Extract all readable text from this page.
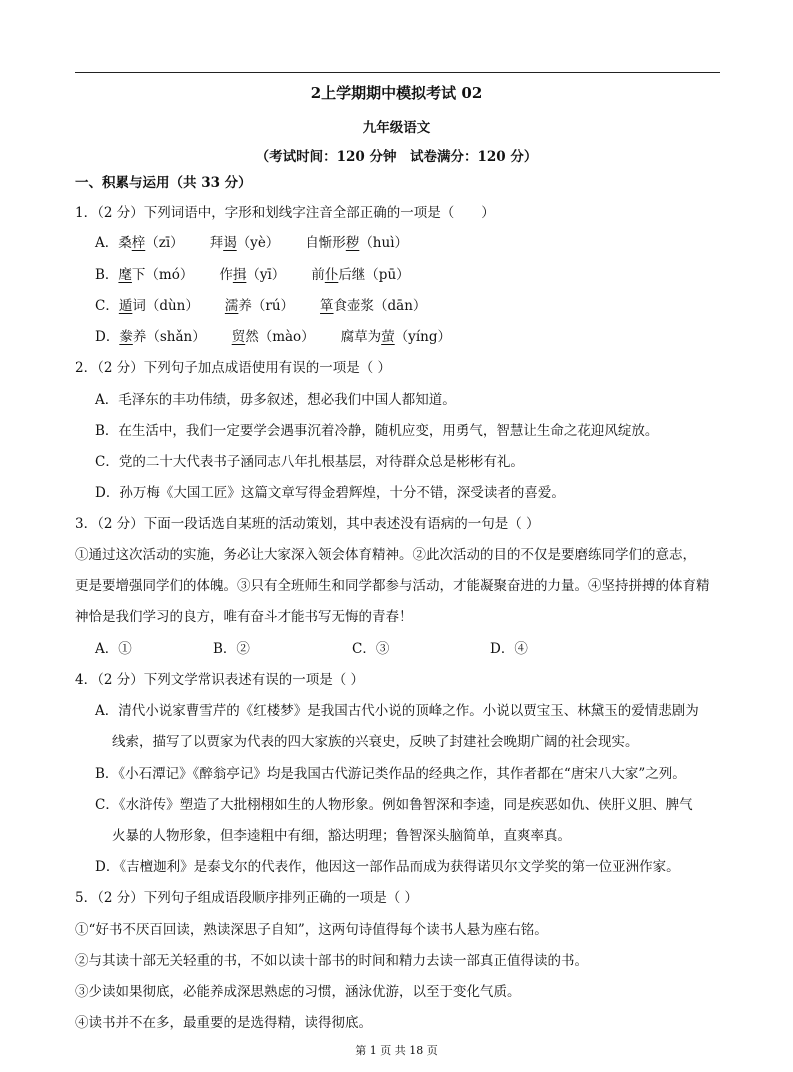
2上学期期中模拟考试 02
九年级语文
（考试时间：120 分钟　试卷满分：120 分）
一、积累与运用（共 33 分）
1．（2 分）下列词语中，字形和划线字注音全部正确的一项是（　　）
A．桑梓（zī） 拜谒（yè） 自惭形秽（huì）
B．麾下（mó） 作揖（yī） 前仆后继（pū）
C．遁词（dùn） 濡养（rú） 箪食壶浆（dān）
D．豢养（shǎn） 贸然（mào） 腐草为萤（yíng）
2．（2 分）下列句子加点成语使用有误的一项是（ ）
A．毛泽东的丰功伟绩，毋多叙述，想必我们中国人都知道。
B．在生活中，我们一定要学会遇事沉着冷静，随机应变，用勇气，智慧让生命之花迎风绽放。
C．党的二十大代表书子涵同志八年扎根基层，对待群众总是彬彬有礼。
D．孙万梅《大国工匠》这篇文章写得金碧辉煌，十分不错，深受读者的喜爱。
3．（2 分）下面一段话选自某班的活动策划，其中表述没有语病的一句是（ ）
①通过这次活动的实施，务必让大家深入领会体育精神。②此次活动的目的不仅是要磨练同学们的意志，
更是要增强同学们的体魄。③只有全班师生和同学都参与活动，才能凝聚奋进的力量。④坚持拼搏的体育精
神恰是我们学习的良方，唯有奋斗才能书写无悔的青春！
A．①	B．②	C．③	D．④
4．（2 分）下列文学常识表述有误的一项是（ ）
A．清代小说家曹雪芹的《红楼梦》是我国古代小说的顶峰之作。小说以贾宝玉、林黛玉的爱情悲剧为
线索，描写了以贾家为代表的四大家族的兴衰史，反映了封建社会晚期广阔的社会现实。
B．《小石潭记》《醉翁亭记》均是我国古代游记类作品的经典之作，其作者都在“唐宋八大家”之列。
C．《水浒传》塑造了大批栩栩如生的人物形象。例如鲁智深和李逵，同是疾恶如仇、侠肝义胆、脾气
火暴的人物形象，但李逵粗中有细，豁达明理；鲁智深头脑简单，直爽率真。
D．《吉檀迦利》是泰戈尔的代表作，他因这一部作品而成为获得诺贝尔文学奖的第一位亚洲作家。
5．（2 分）下列句子组成语段顺序排列正确的一项是（ ）
①“好书不厌百回读，熟读深思子自知”，这两句诗值得每个读书人悬为座右铭。
②与其读十部无关轻重的书，不如以读十部书的时间和精力去读一部真正值得读的书。
③少读如果彻底，必能养成深思熟虑的习惯，涵泳优游，以至于变化气质。
④读书并不在多，最重要的是选得精，读得彻底。
第 1 页 共 18 页
